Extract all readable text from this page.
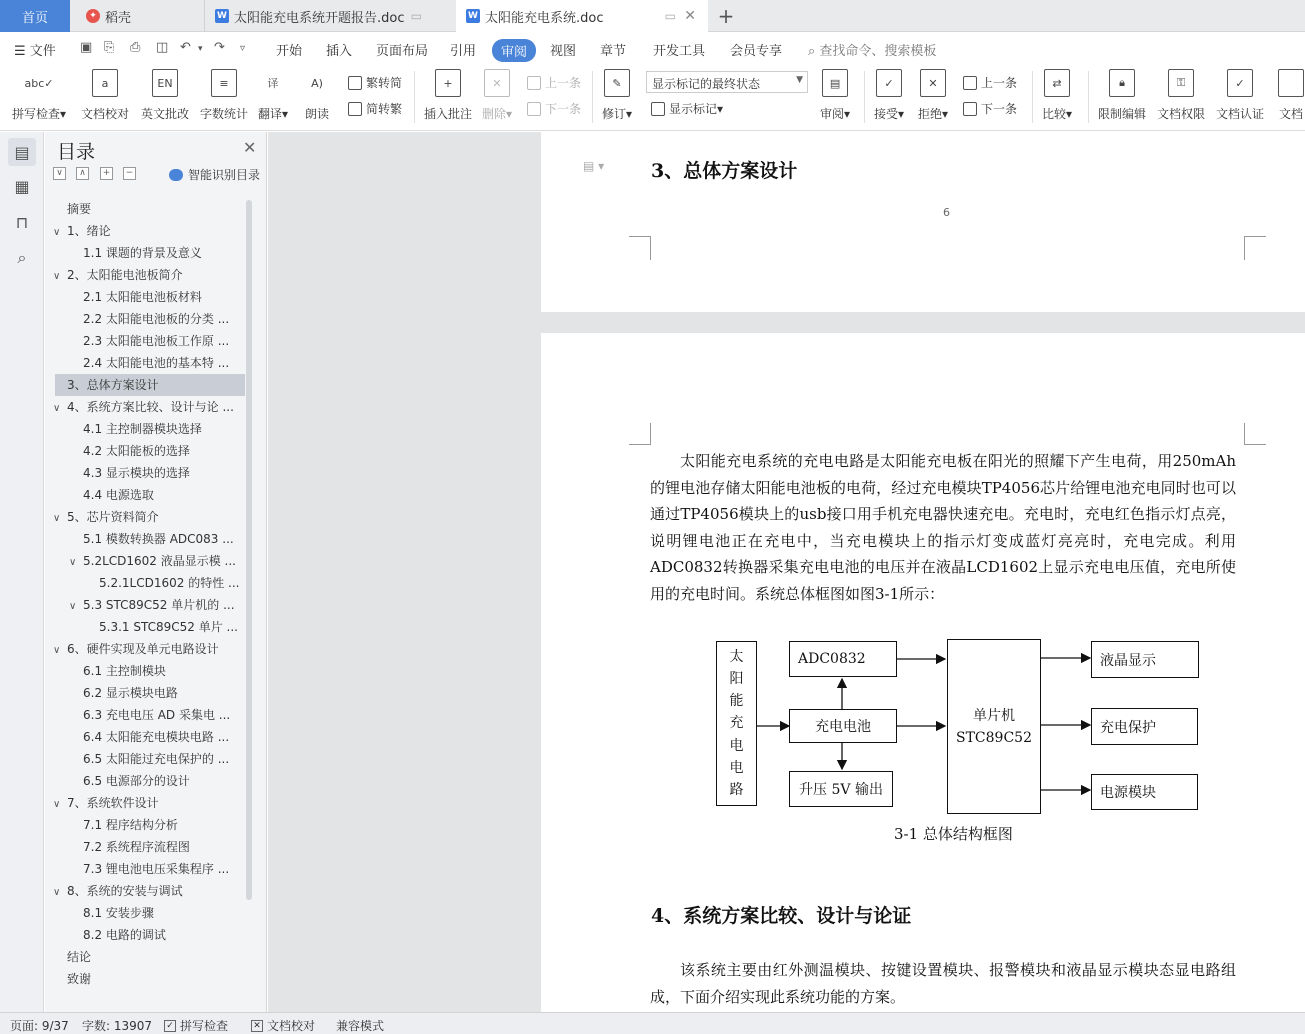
首页	✦ 稻壳	W 太阳能充电系统开题报告.doc ▭	W 太阳能充电系统.doc	▭ ✕ +
☰ 文件 ▣ ⎘ ⎙ ◫ ↶ ▾ ↷ ▿ 开始 插入 页面布局 引用	审阅	视图 章节 开发工具 会员专享 ⌕ 查找命令、搜索模板
abc✓
拼写检查▾
a
文档校对
EN
英文批改
≡
字数统计
译
翻译▾
A)
朗读
繁转简
简转繁
+
插入批注
✕
删除▾
上一条
下一条
✎
修订▾
显示标记的最终状态	▼
显示标记 ▾
▤
审阅▾
✓
接受▾
✕
拒绝▾
上一条
下一条
⇄
比较▾
🔒︎
限制编辑
⚿
文档权限
✓
文档认证 文档
▤
▦
⊓
⌕
目录	✕
∨	∧	+	−	智能识别目录
摘要
∨ 1、绪论
1.1 课题的背景及意义
∨ 2、太阳能电池板简介
2.1 太阳能电池板材料
2.2 太阳能电池板的分类 ...
2.3 太阳能电池板工作原 ...
2.4 太阳能电池的基本特 ...
3、总体方案设计
∨ 4、系统方案比较、设计与论 ...
4.1 主控制器模块选择
4.2 太阳能板的选择
4.3 显示模块的选择
4.4 电源选取
∨ 5、芯片资料简介
5.1 模数转换器 ADC083 ...
∨ 5.2LCD1602 液晶显示模 ...
5.2.1LCD1602 的特性 ...
∨ 5.3 STC89C52 单片机的 ...
5.3.1 STC89C52 单片 ...
∨ 6、硬件实现及单元电路设计
6.1 主控制模块
6.2 显示模块电路
6.3 充电电压 AD 采集电 ...
6.4 太阳能充电模块电路 ...
6.5 太阳能过充电保护的 ...
6.5 电源部分的设计
∨ 7、系统软件设计
7.1 程序结构分析
7.2 系统程序流程图
7.3 锂电池电压采集程序 ...
∨ 8、系统的安装与调试
8.1 安装步骤
8.2 电路的调试
结论
致谢
▤ ▾ 3、总体方案设计
6
太阳能充电系统的充电电路是太阳能充电板在阳光的照耀下产生电荷，用250mAh的锂电池存储太阳能电池板的电荷，经过充电模块TP4056芯片给锂电池充电同时也可以通过TP4056模块上的usb接口用手机充电器快速充电。充电时，充电红色指示灯点亮，说明锂电池正在充电中，当充电模块上的指示灯变成蓝灯亮亮时，充电完成。利用ADC0832转换器采集充电电池的电压并在液晶LCD1602上显示充电电压值，充电所使用的充电时间。系统总体框图如图3-1所示：
太
阳
能
充
电
电
路
ADC0832
充电电池
升压 5V 输出
单片机
STC89C52
液晶显示
充电保护
电源模块
3-1 总体结构框图
4、系统方案比较、设计与论证
该系统主要由红外测温模块、按键设置模块、报警模块和液晶显示模块态显电路组成，下面介绍实现此系统功能的方案。
页面: 9/37 字数: 13907 ✓ 拼写检查	✕ 文档校对 兼容模式
